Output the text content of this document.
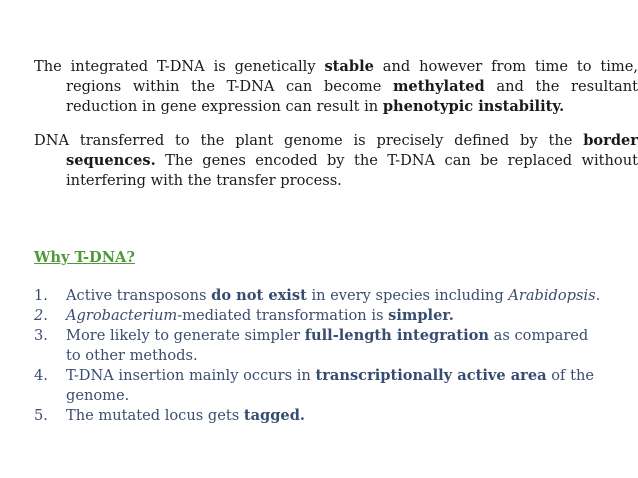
The integrated T-DNA is genetically stable and however from time to time, regions within the T-DNA can become methylated and the resultant reduction in gene expression can result in phenotypic instability.

DNA transferred to the plant genome is precisely defined by the border sequences. The genes encoded by the T-DNA can be replaced without interfering with the transfer process.

Why T-DNA?

1. Active transposons do not exist in every species including Arabidopsis.
2. Agrobacterium-mediated transformation is simpler.
3. More likely to generate simpler full-length integration as compared to other methods.
4. T-DNA insertion mainly occurs in transcriptionally active area of the genome.
5. The mutated locus gets tagged.
